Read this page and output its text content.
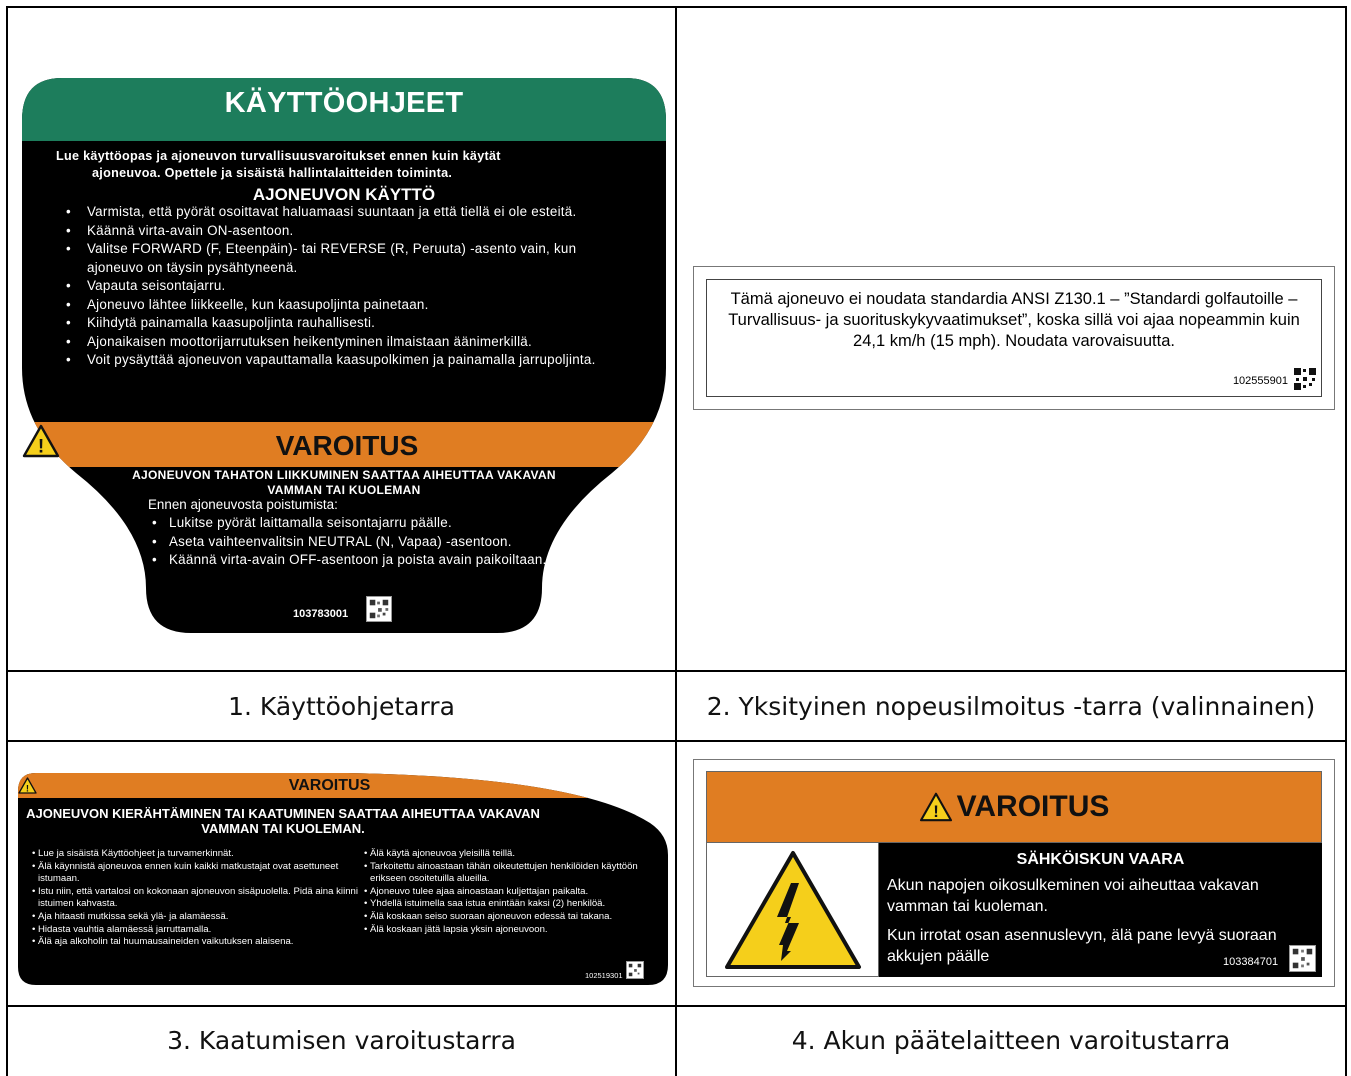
1. Käyttöohjetarra	2. Yksityinen nopeusilmoitus -tarra (valinnainen)
3. Kaatumisen varoitustarra	4. Akun päätelaitteen varoitustarra
KÄYTTÖOHJEET
Lue käyttöopas ja ajoneuvon turvallisuusvaroitukset ennen kuin käytät
ajoneuvoa. Opettele ja sisäistä hallintalaitteiden toiminta.
AJONEUVON KÄYTTÖ
• Varmista, että pyörät osoittavat haluamaasi suuntaan ja että tiellä ei ole esteitä.
• Käännä virta-avain ON-asentoon.
• Valitse FORWARD (F, Eteenpäin)- tai REVERSE (R, Peruuta) -asento vain, kun ajoneuvo on täysin pysähtyneenä.
• Vapauta seisontajarru.
• Ajoneuvo lähtee liikkeelle, kun kaasupoljinta painetaan.
• Kiihdytä painamalla kaasupoljinta rauhallisesti.
• Ajonaikaisen moottorijarrutuksen heikentyminen ilmaistaan äänimerkillä.
• Voit pysäyttää ajoneuvon vapauttamalla kaasupolkimen ja painamalla jarrupoljinta.
!	VAROITUS
AJONEUVON TAHATON LIIKKUMINEN SAATTAA AIHEUTTAA VAKAVAN VAMMAN TAI KUOLEMAN
Ennen ajoneuvosta poistumista:
• Lukitse pyörät laittamalla seisontajarru päälle.
• Aseta vaihteenvalitsin NEUTRAL (N, Vapaa) -asentoon.
• Käännä virta-avain OFF-asentoon ja poista avain paikoiltaan.
103783001
Tämä ajoneuvo ei noudata standardia ANSI Z130.1 – ”Standardi golfautoille – Turvallisuus- ja suorituskykyvaatimukset”, koska sillä voi ajaa nopeammin kuin 24,1 km/h (15 mph). Noudata varovaisuutta.
102555901
!	VAROITUS
AJONEUVON KIERÄHTÄMINEN TAI KAATUMINEN SAATTAA AIHEUTTAA VAKAVAN VAMMAN TAI KUOLEMAN.
• Lue ja sisäistä Käyttöohjeet ja turvamerkinnät.
• Älä käynnistä ajoneuvoa ennen kuin kaikki matkustajat ovat asettuneet istumaan.
• Istu niin, että vartalosi on kokonaan ajoneuvon sisäpuolella. Pidä aina kiinni istuimen kahvasta.
• Aja hitaasti mutkissa sekä ylä- ja alamäessä.
• Hidasta vauhtia alamäessä jarruttamalla.
• Älä aja alkoholin tai huumausaineiden vaikutuksen alaisena.
• Älä käytä ajoneuvoa yleisillä teillä.
• Tarkoitettu ainoastaan tähän oikeutettujen henkilöiden käyttöön erikseen osoitetuilla alueilla.
• Ajoneuvo tulee ajaa ainoastaan kuljettajan paikalta.
• Yhdellä istuimella saa istua enintään kaksi (2) henkilöä.
• Älä koskaan seiso suoraan ajoneuvon edessä tai takana.
• Älä koskaan jätä lapsia yksin ajoneuvoon.
102519301
! VAROITUS
SÄHKÖISKUN VAARA
Akun napojen oikosulkeminen voi aiheuttaa vakavan vamman tai kuoleman.
Kun irrotat osan asennuslevyn, älä pane levyä suoraan akkujen päälle	103384701
